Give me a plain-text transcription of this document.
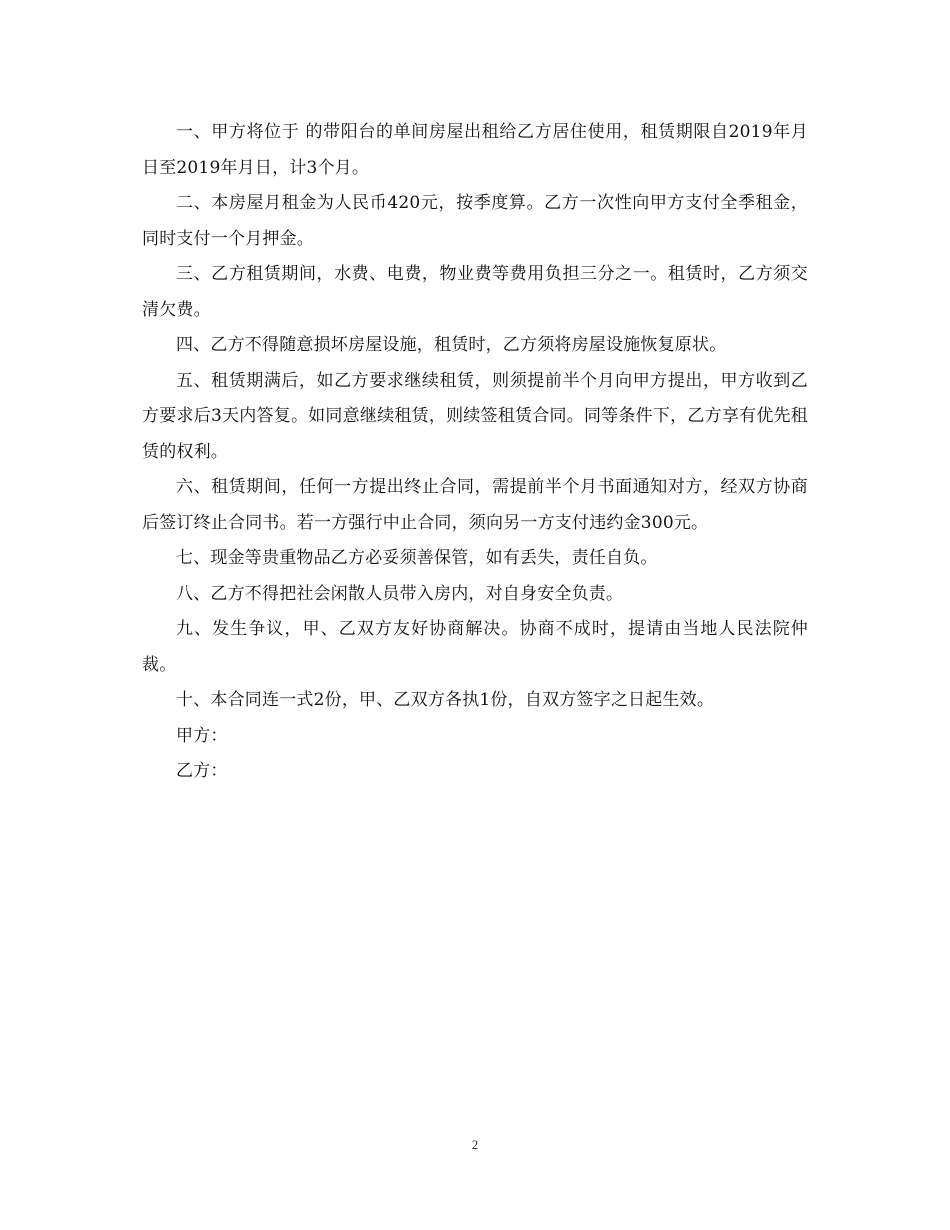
一、甲方将位于 的带阳台的单间房屋出租给乙方居住使用，租赁期限自2019年月日至2019年月日，计3个月。

二、本房屋月租金为人民币420元，按季度算。乙方一次性向甲方支付全季租金，同时支付一个月押金。

三、乙方租赁期间，水费、电费，物业费等费用负担三分之一。租赁时，乙方须交清欠费。

四、乙方不得随意损坏房屋设施，租赁时，乙方须将房屋设施恢复原状。

五、租赁期满后，如乙方要求继续租赁，则须提前半个月向甲方提出，甲方收到乙方要求后3天内答复。如同意继续租赁，则续签租赁合同。同等条件下，乙方享有优先租赁的权利。

六、租赁期间，任何一方提出终止合同，需提前半个月书面通知对方，经双方协商后签订终止合同书。若一方强行中止合同，须向另一方支付违约金300元。

七、现金等贵重物品乙方必妥须善保管，如有丢失，责任自负。

八、乙方不得把社会闲散人员带入房内，对自身安全负责。

九、发生争议，甲、乙双方友好协商解决。协商不成时，提请由当地人民法院仲裁。

十、本合同连一式2份，甲、乙双方各执1份，自双方签字之日起生效。

甲方：

乙方：

2
